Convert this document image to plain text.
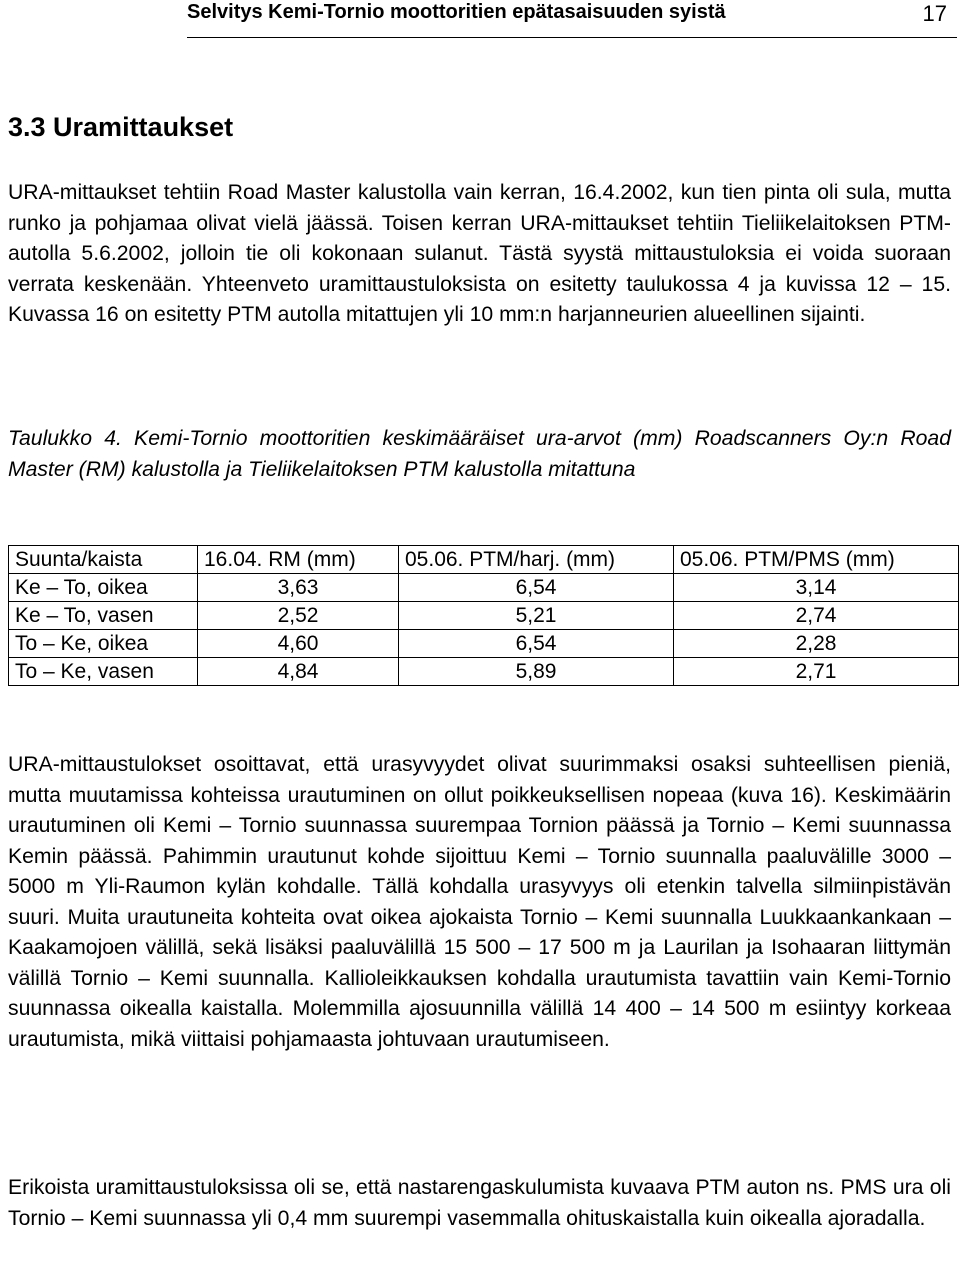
Selvitys Kemi-Tornio moottoritien epätasaisuuden syistä	17
3.3 Uramittaukset

URA-mittaukset tehtiin Road Master kalustolla vain kerran, 16.4.2002, kun tien pinta oli sula, mutta runko ja pohjamaa olivat vielä jäässä. Toisen kerran URA-mittaukset tehtiin Tieliikelaitoksen PTM-autolla 5.6.2002, jolloin tie oli kokonaan sulanut. Tästä syystä mittaustuloksia ei voida suoraan verrata keskenään. Yhteenveto uramittaustuloksista on esitetty taulukossa 4 ja kuvissa 12 – 15. Kuvassa 16 on esitetty PTM autolla mitattujen yli 10 mm:n harjanneurien alueellinen sijainti.

Taulukko 4. Kemi-Tornio moottoritien keskimääräiset ura-arvot (mm) Roadscanners Oy:n Road Master (RM) kalustolla ja Tieliikelaitoksen PTM kalustolla mitattuna

Suunta/kaista	16.04. RM (mm)	05.06. PTM/harj. (mm)	05.06. PTM/PMS (mm)
Ke – To, oikea	3,63	6,54	3,14
Ke – To, vasen	2,52	5,21	2,74
To – Ke, oikea	4,60	6,54	2,28
To – Ke, vasen	4,84	5,89	2,71

URA-mittaustulokset osoittavat, että urasyvyydet olivat suurimmaksi osaksi suhteellisen pieniä, mutta muutamissa kohteissa urautuminen on ollut poikkeuksellisen nopeaa (kuva 16). Keskimäärin urautuminen oli Kemi – Tornio suunnassa suurempaa Tornion päässä ja Tornio – Kemi suunnassa Kemin päässä. Pahimmin urautunut kohde sijoittuu Kemi – Tornio suunnalla paaluvälille 3000 – 5000 m Yli-Raumon kylän kohdalle. Tällä kohdalla urasyvyys oli etenkin talvella silmiinpistävän suuri. Muita urautuneita kohteita ovat oikea ajokaista Tornio – Kemi suunnalla Luukkaankankaan – Kaakamojoen välillä, sekä lisäksi paaluvälillä 15 500 – 17 500 m ja Laurilan ja Isohaaran liittymän välillä Tornio – Kemi suunnalla. Kallioleikkauksen kohdalla urautumista tavattiin vain Kemi-Tornio suunnassa oikealla kaistalla. Molemmilla ajosuunnilla välillä 14 400 – 14 500 m esiintyy korkeaa urautumista, mikä viittaisi pohjamaasta johtuvaan urautumiseen.

Erikoista uramittaustuloksissa oli se, että nastarengaskulumista kuvaava PTM auton ns. PMS ura oli Tornio – Kemi suunnassa yli 0,4 mm suurempi vasemmalla ohituskaistalla kuin oikealla ajoradalla.
